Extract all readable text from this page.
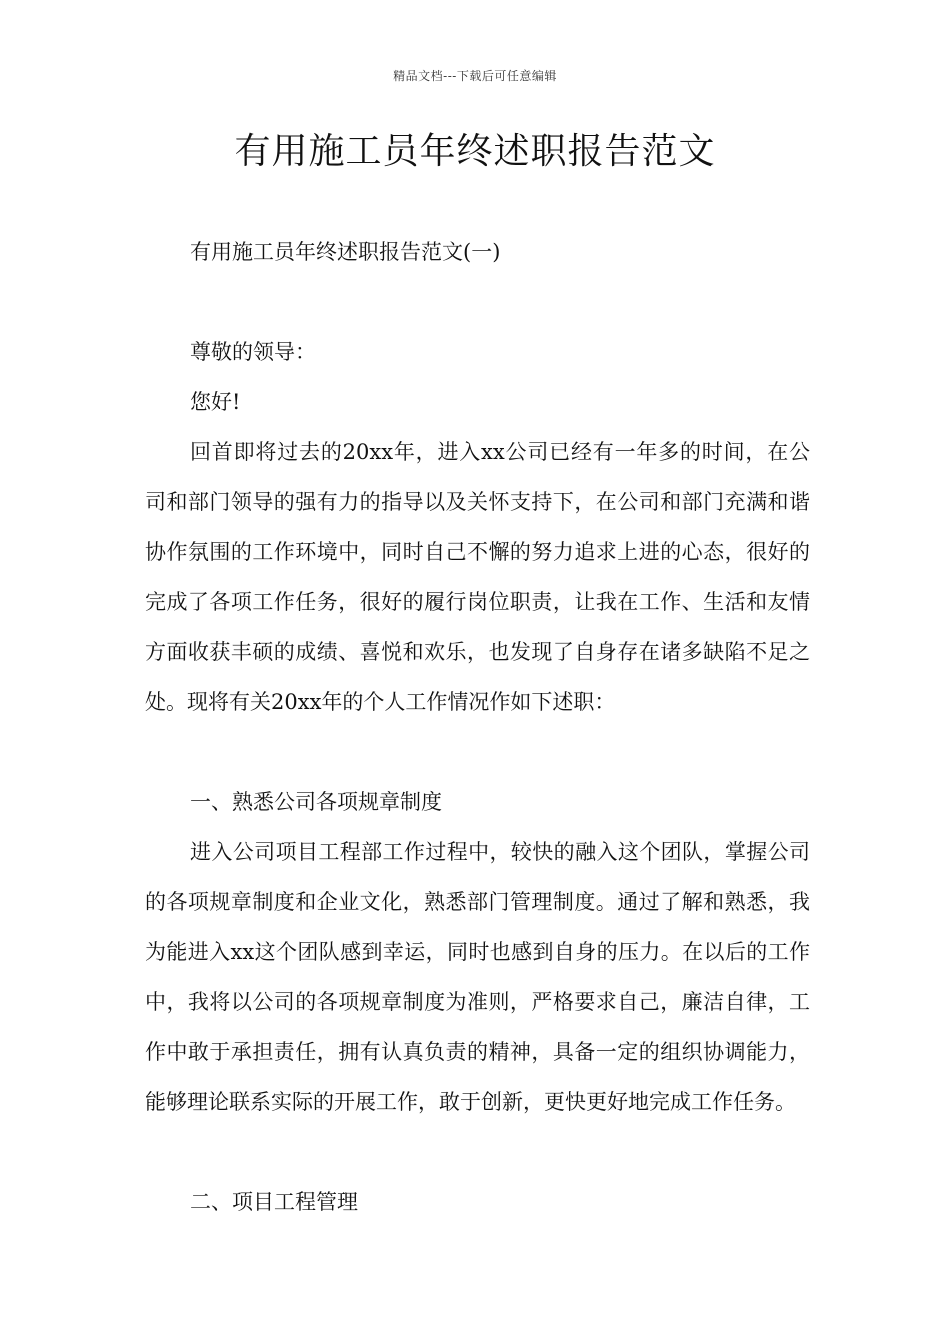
精品文档---下载后可任意编辑
有用施工员年终述职报告范文

有用施工员年终述职报告范文(一)

尊敬的领导：

您好!

回首即将过去的20xx年，进入xx公司已经有一年多的时间，在公司和部门领导的强有力的指导以及关怀支持下，在公司和部门充满和谐协作氛围的工作环境中，同时自己不懈的努力追求上进的心态，很好的完成了各项工作任务，很好的履行岗位职责，让我在工作、生活和友情方面收获丰硕的成绩、喜悦和欢乐，也发现了自身存在诸多缺陷不足之处。现将有关20xx年的个人工作情况作如下述职：

一、熟悉公司各项规章制度

进入公司项目工程部工作过程中，较快的融入这个团队，掌握公司的各项规章制度和企业文化，熟悉部门管理制度。通过了解和熟悉，我为能进入xx这个团队感到幸运，同时也感到自身的压力。在以后的工作中，我将以公司的各项规章制度为准则，严格要求自己，廉洁自律，工作中敢于承担责任，拥有认真负责的精神，具备一定的组织协调能力，能够理论联系实际的开展工作，敢于创新，更快更好地完成工作任务。

二、项目工程管理
